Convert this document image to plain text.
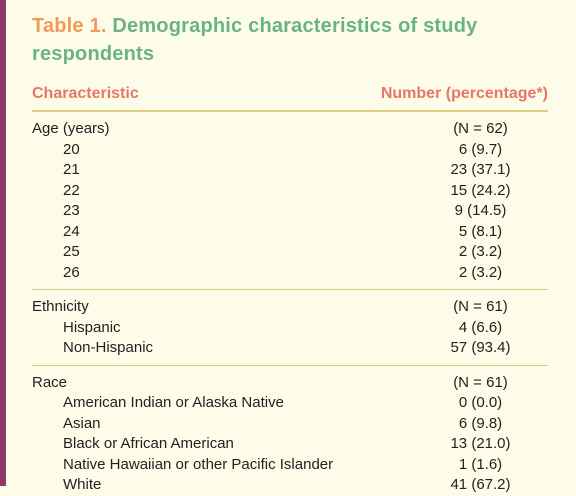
Table 1. Demographic characteristics of study respondents
Characteristic	Number (percentage*)
Age (years)	(N = 62)
20	6 (9.7)
21	23 (37.1)
22	15 (24.2)
23	9 (14.5)
24	5 (8.1)
25	2 (3.2)
26	2 (3.2)
Ethnicity	(N = 61)
Hispanic	4 (6.6)
Non-Hispanic	57 (93.4)
Race	(N = 61)
American Indian or Alaska Native	0 (0.0)
Asian	6 (9.8)
Black or African American	13 (21.0)
Native Hawaiian or other Pacific Islander	1 (1.6)
White	41 (67.2)
